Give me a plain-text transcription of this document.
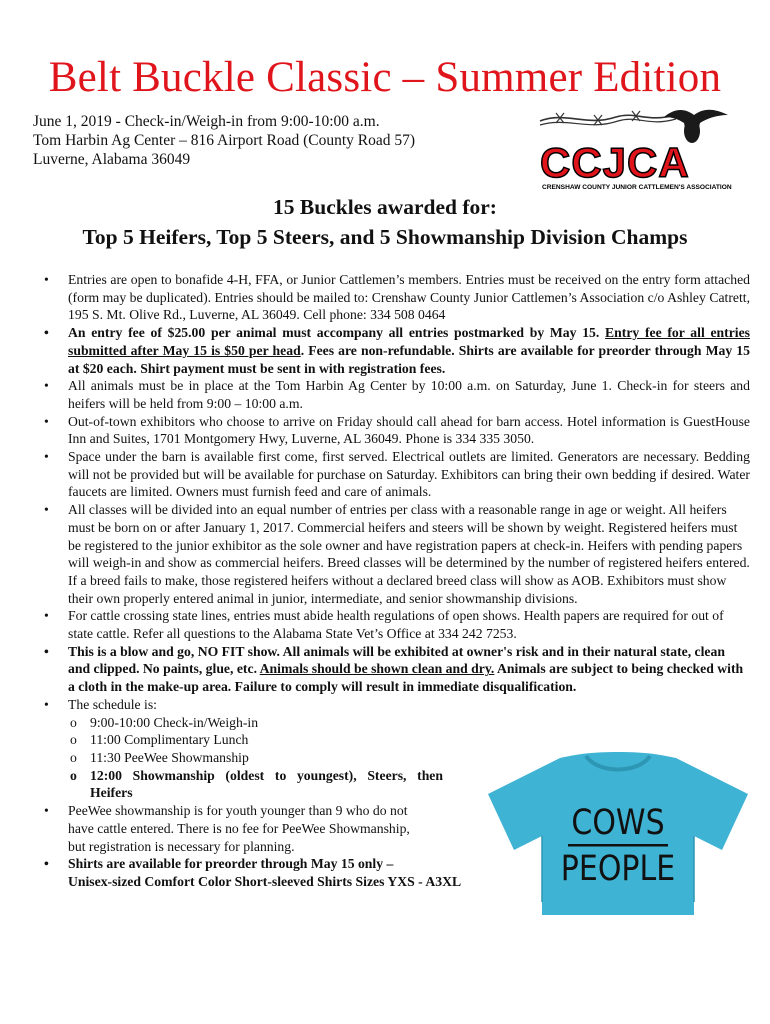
Belt Buckle Classic – Summer Edition
June 1, 2019 - Check-in/Weigh-in from 9:00-10:00 a.m.
Tom Harbin Ag Center – 816 Airport Road (County Road 57)
Luverne, Alabama 36049	CCJCA
CRENSHAW COUNTY JUNIOR CATTLEMEN'S ASSOCIATION
15 Buckles awarded for:
Top 5 Heifers, Top 5 Steers, and 5 Showmanship Division Champs
• Entries are open to bonafide 4-H, FFA, or Junior Cattlemen’s members. Entries must be received on the entry form attached (form may be duplicated). Entries should be mailed to: Crenshaw County Junior Cattlemen’s Association c/o Ashley Catrett, 195 S. Mt. Olive Rd., Luverne, AL 36049. Cell phone: 334 508 0464
• An entry fee of $25.00 per animal must accompany all entries postmarked by May 15. Entry fee for all entries submitted after May 15 is $50 per head. Fees are non-refundable. Shirts are available for preorder through May 15 at $20 each. Shirt payment must be sent in with registration fees.
• All animals must be in place at the Tom Harbin Ag Center by 10:00 a.m. on Saturday, June 1. Check-in for steers and heifers will be held from 9:00 – 10:00 a.m.
• Out-of-town exhibitors who choose to arrive on Friday should call ahead for barn access. Hotel information is GuestHouse Inn and Suites, 1701 Montgomery Hwy, Luverne, AL 36049. Phone is 334 335 3050.
• Space under the barn is available first come, first served. Electrical outlets are limited. Generators are necessary. Bedding will not be provided but will be available for purchase on Saturday. Exhibitors can bring their own bedding if desired. Water faucets are limited. Owners must furnish feed and care of animals.
• All classes will be divided into an equal number of entries per class with a reasonable range in age or weight. All heifers must be born on or after January 1, 2017. Commercial heifers and steers will be shown by weight. Registered heifers must be registered to the junior exhibitor as the sole owner and have registration papers at check-in. Heifers with pending papers will weigh-in and show as commercial heifers. Breed classes will be determined by the number of registered heifers entered. If a breed fails to make, those registered heifers without a declared breed class will show as AOB. Exhibitors must show their own properly entered animal in junior, intermediate, and senior showmanship divisions.
• For cattle crossing state lines, entries must abide health regulations of open shows. Health papers are required for out of state cattle. Refer all questions to the Alabama State Vet’s Office at 334 242 7253.
• This is a blow and go, NO FIT show. All animals will be exhibited at owner's risk and in their natural state, clean and clipped. No paints, glue, etc. Animals should be shown clean and dry. Animals are subject to being checked with a cloth in the make-up area. Failure to comply will result in immediate disqualification.
• The schedule is:
o 9:00-10:00 Check-in/Weigh-in
o 11:00 Complimentary Lunch
o 11:30 PeeWee Showmanship
o 12:00 Showmanship (oldest to youngest), Steers, then Heifers
• PeeWee showmanship is for youth younger than 9 who do not have cattle entered. There is no fee for PeeWee Showmanship, but registration is necessary for planning.
• Shirts are available for preorder through May 15 only –
Unisex-sized Comfort Color Short-sleeved Shirts Sizes YXS - A3XL
COWS
PEOPLE
